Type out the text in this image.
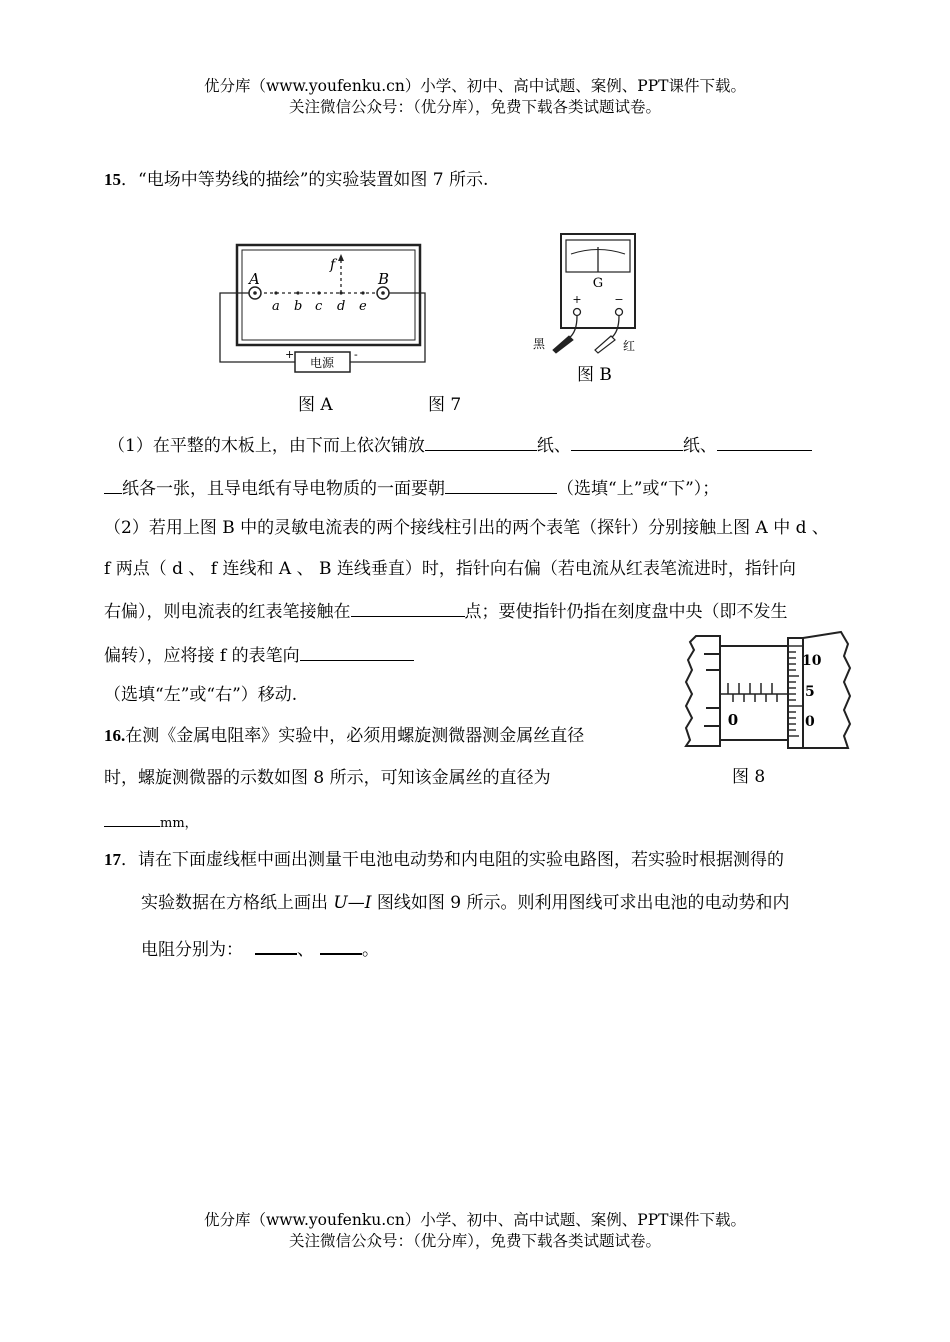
优分库（www.youfenku.cn）小学、初中、高中试题、案例、PPT课件下载。
关注微信公众号：（优分库），免费下载各类试题试卷。
15．“电场中等势线的描绘”的实验装置如图 7 所示.
A	B
f
a b c d e
电源
+	-
图 A	图 7
G
+	−
黑	红
图 B
（1）在平整的木板上，由下而上依次铺放	纸、	纸、
纸各一张，且导电纸有导电物质的一面要朝	（选填“上”或“下”）；
（2）若用上图 B 中的灵敏电流表的两个接线柱引出的两个表笔（探针）分别接触上图 A 中 d 、
f 两点（ d 、 f 连线和 A 、 B 连线垂直）时，指针向右偏（若电流从红表笔流进时，指针向
右偏），则电流表的红表笔接触在	点；要使指针仍指在刻度盘中央（即不发生
偏转），应将接 f 的表笔向
（选填“左”或“右”）移动.
0
10
5
0
图 8
16.在测《金属电阻率》实验中，必须用螺旋测微器测金属丝直径
时，螺旋测微器的示数如图 8 所示，可知该金属丝的直径为
mm，
17．请在下面虚线框中画出测量干电池电动势和内电阻的实验电路图，若实验时根据测得的
实验数据在方格纸上画出 U—I 图线如图 9 所示。则利用图线可求出电池的电动势和内
电阻分别为：	、	。
优分库（www.youfenku.cn）小学、初中、高中试题、案例、PPT课件下载。
关注微信公众号：（优分库），免费下载各类试题试卷。
